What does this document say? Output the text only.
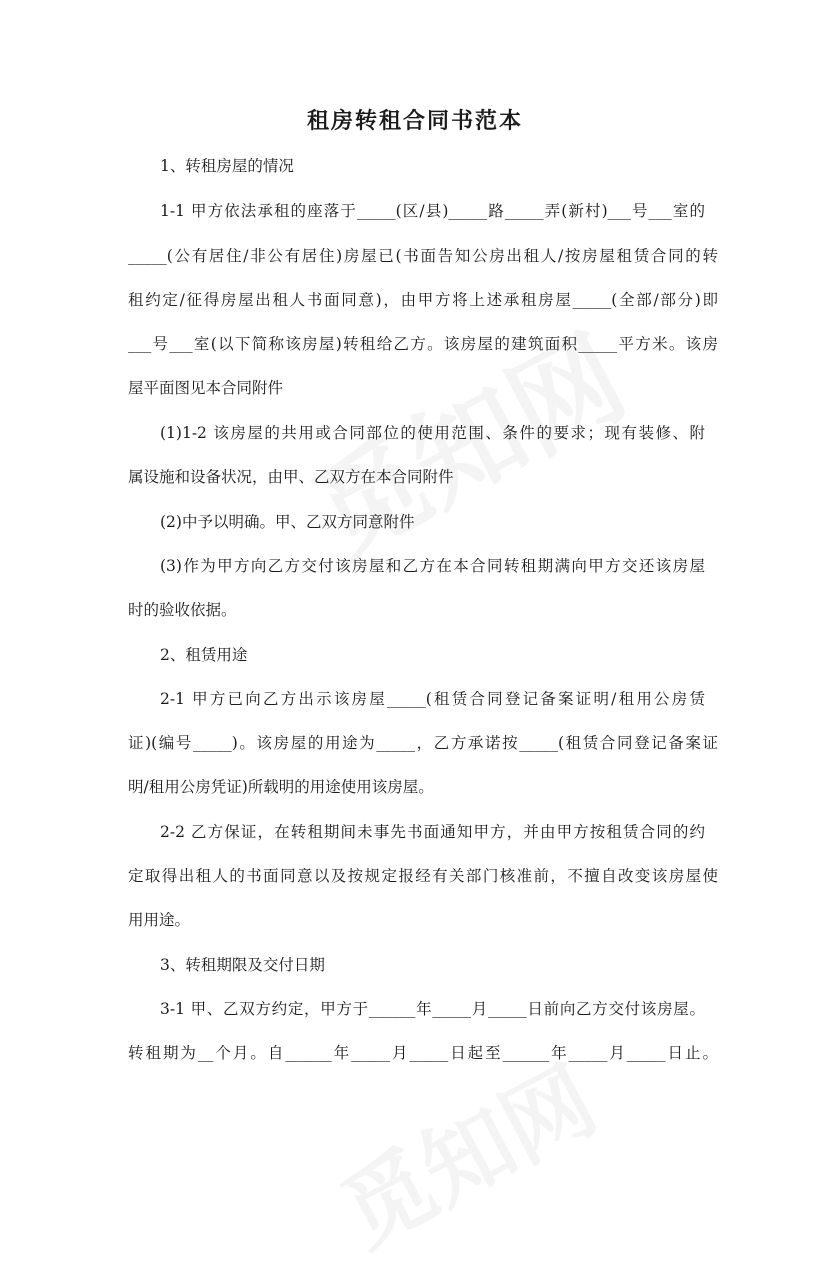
租房转租合同书范本
1、转租房屋的情况
1-1 甲方依法承租的座落于_____(区/县)_____路_____弄(新村)___号___室的
_____(公有居住/非公有居住)房屋已(书面告知公房出租人/按房屋租赁合同的转
租约定/征得房屋出租人书面同意)，由甲方将上述承租房屋_____(全部/部分)即
___号___室(以下简称该房屋)转租给乙方。该房屋的建筑面积_____平方米。该房
屋平面图见本合同附件
(1)1-2 该房屋的共用或合同部位的使用范围、条件的要求；现有装修、附
属设施和设备状况，由甲、乙双方在本合同附件
(2)中予以明确。甲、乙双方同意附件
(3)作为甲方向乙方交付该房屋和乙方在本合同转租期满向甲方交还该房屋
时的验收依据。
2、租赁用途
2-1 甲方已向乙方出示该房屋_____(租赁合同登记备案证明/租用公房赁
证)(编号_____)。该房屋的用途为_____，乙方承诺按_____(租赁合同登记备案证
明/租用公房凭证)所载明的用途使用该房屋。
2-2 乙方保证，在转租期间未事先书面通知甲方，并由甲方按租赁合同的约
定取得出租人的书面同意以及按规定报经有关部门核准前，不擅自改变该房屋使
用用途。
3、转租期限及交付日期
3-1 甲、乙双方约定，甲方于______年_____月_____日前向乙方交付该房屋。
转租期为__个月。自______年_____月_____日起至______年_____月_____日止。
